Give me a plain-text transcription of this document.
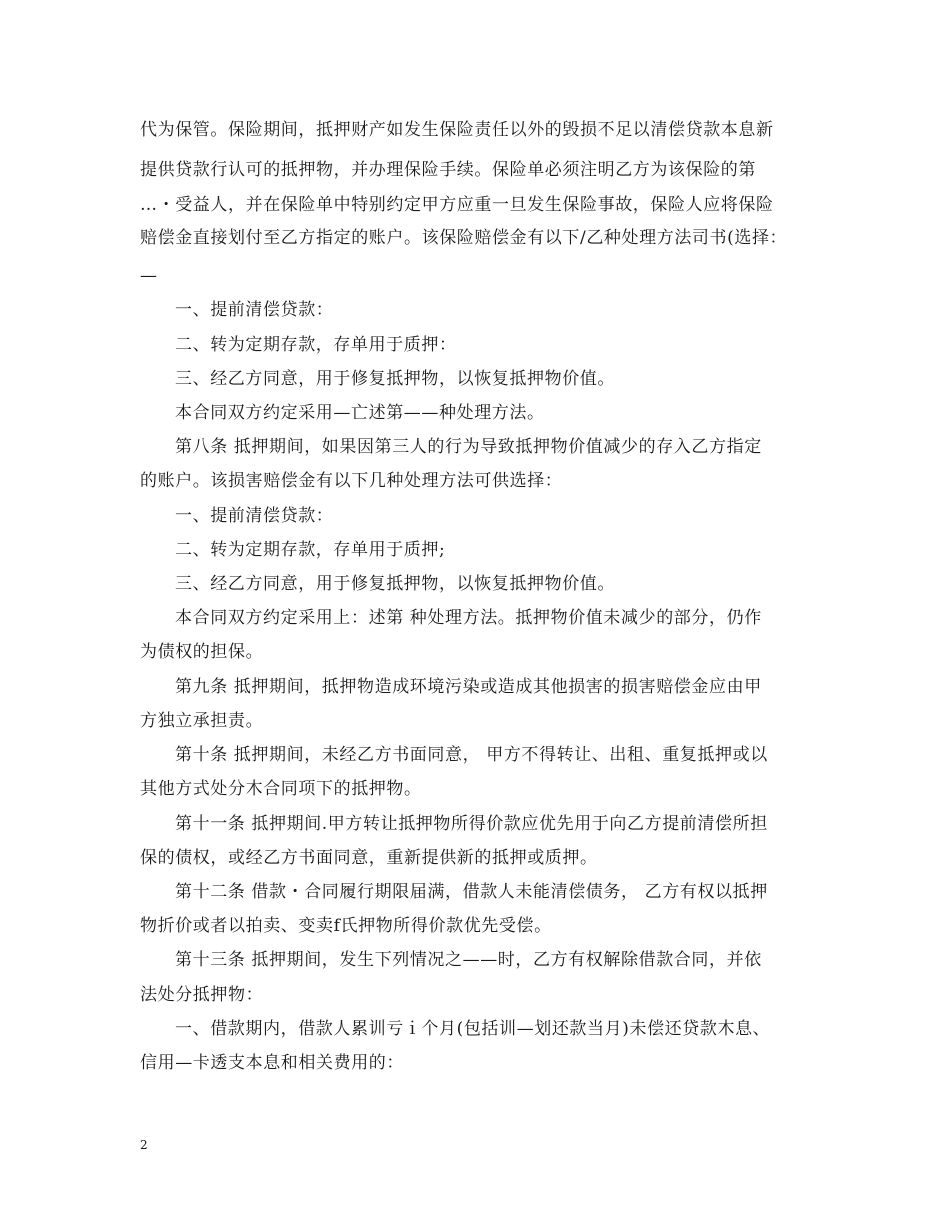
代为保管。保险期间，抵押财产如发生保险责任以外的毁损不足以清偿贷款本息新
提供贷款行认可的抵押物，并办理保险手续。保险单必须注明乙方为该保险的第
…・受益人，并在保险单中特别约定甲方应重一旦发生保险事故，保险人应将保险
赔偿金直接划付至乙方指定的账户。该保险赔偿金有以下/乙种处理方法司书(选择：
—
一、提前清偿贷款：
二、转为定期存款，存单用于质押：
三、经乙方同意，用于修复抵押物，以恢复抵押物价值。
本合同双方约定采用—亡述第——种处理方法。
第八条 抵押期间，如果因第三人的行为导致抵押物价值减少的存入乙方指定
的账户。该损害赔偿金有以下几种处理方法可供选择：
一、提前清偿贷款：
二、转为定期存款，存单用于质押;
三、经乙方同意，用于修复抵押物，以恢复抵押物价值。
本合同双方约定采用上：述第 种处理方法。抵押物价值未减少的部分，仍作
为债权的担保。
第九条 抵押期间，抵押物造成环境污染或造成其他损害的损害赔偿金应由甲
方独立承担责。
第十条 抵押期间，未经乙方书面同意， 甲方不得转让、出租、重复抵押或以
其他方式处分木合同项下的抵押物。
第十一条 抵押期间.甲方转让抵押物所得价款应优先用于向乙方提前清偿所担
保的债权，或经乙方书面同意，重新提供新的抵押或质押。
第十二条 借款・合同履行期限届满，借款人未能清偿债务， 乙方有权以抵押
物折价或者以拍卖、变卖f氏押物所得价款优先受偿。
第十三条 抵押期间，发生下列情况之——时，乙方有权解除借款合同，并依
法处分抵押物：
一、借款期内，借款人累训亏ｉ个月(包括训—划还款当月)未偿还贷款木息、
信用—卡透支本息和相关费用的：
2
